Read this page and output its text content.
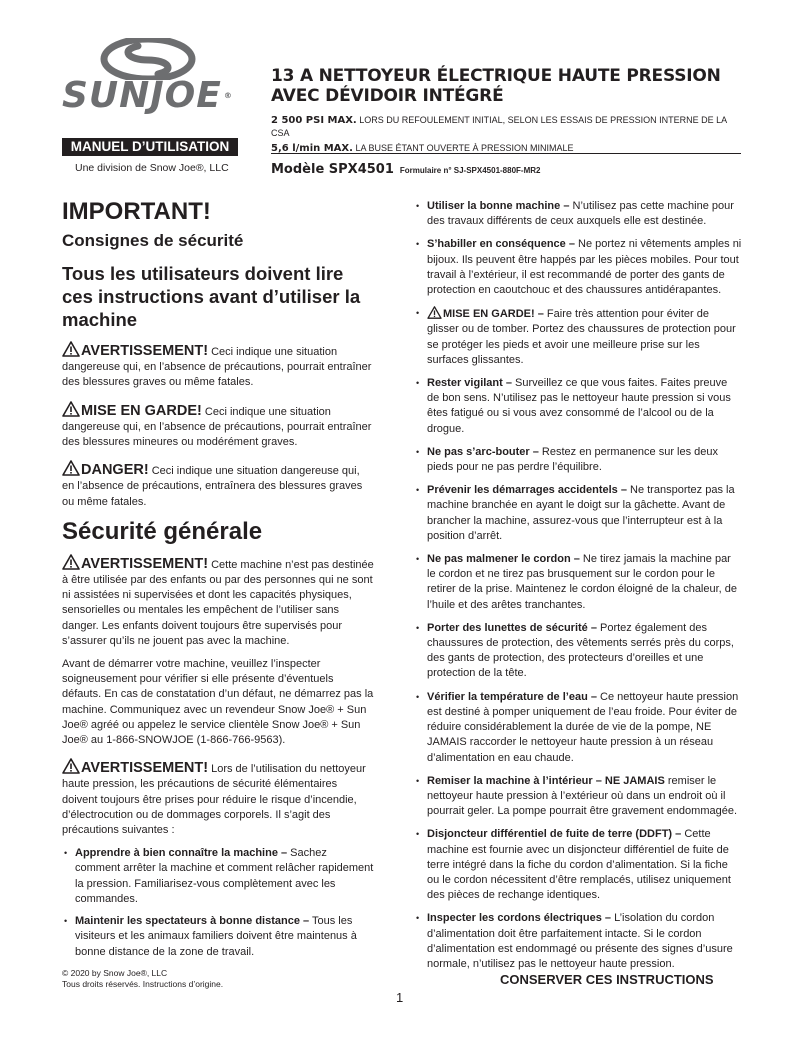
SUNJOE ®
MANUEL D’UTILISATION
Une division de Snow Joe®, LLC
13 A NETTOYEUR ÉLECTRIQUE HAUTE PRESSION
AVEC DÉVIDOIR INTÉGRÉ
2 500 PSI MAX. LORS DU REFOULEMENT INITIAL, SELON LES ESSAIS DE PRESSION INTERNE DE LA CSA
5,6 l/min MAX. LA BUSE ÉTANT OUVERTE À PRESSION MINIMALE
Modèle SPX4501 Formulaire n° SJ-SPX4501-880F-MR2
IMPORTANT!
Consignes de sécurité
Tous les utilisateurs doivent lire ces instructions avant d’utiliser la machine
AVERTISSEMENT! Ceci indique une situation dangereuse qui, en l’absence de précautions, pourrait entraîner des blessures graves ou même fatales.
MISE EN GARDE! Ceci indique une situation dangereuse qui, en l’absence de précautions, pourrait entraîner des blessures mineures ou modérément graves.
DANGER! Ceci indique une situation dangereuse qui, en l’absence de précautions, entraînera des blessures graves ou même fatales.
Sécurité générale
AVERTISSEMENT! Cette machine n’est pas destinée à être utilisée par des enfants ou par des personnes qui ne sont ni assistées ni supervisées et dont les capacités physiques, sensorielles ou mentales les empêchent de l’utiliser sans danger. Les enfants doivent toujours être supervisés pour s’assurer qu’ils ne jouent pas avec la machine.

Avant de démarrer votre machine, veuillez l’inspecter soigneusement pour vérifier si elle présente d’éventuels défauts. En cas de constatation d’un défaut, ne démarrez pas la machine. Communiquez avec un revendeur Snow Joe® + Sun Joe® agréé ou appelez le service clientèle Snow Joe® + Sun Joe® au 1-866-SNOWJOE (1-866-766-9563).

AVERTISSEMENT! Lors de l’utilisation du nettoyeur haute pression, les précautions de sécurité élémentaires doivent toujours être prises pour réduire le risque d’incendie, d’électrocution ou de dommages corporels. Il s’agit des précautions suivantes :
• Apprendre à bien connaître la machine – Sachez comment arrêter la machine et comment relâcher rapidement la pression. Familiarisez-vous complètement avec les commandes.
• Maintenir les spectateurs à bonne distance – Tous les visiteurs et les animaux familiers doivent être maintenus à bonne distance de la zone de travail.
• Utiliser la bonne machine – N’utilisez pas cette machine pour des travaux différents de ceux auxquels elle est destinée.
• S’habiller en conséquence – Ne portez ni vêtements amples ni bijoux. Ils peuvent être happés par les pièces mobiles. Pour tout travail à l’extérieur, il est recommandé de porter des gants de protection en caoutchouc et des chaussures antidérapantes.
• MISE EN GARDE! – Faire très attention pour éviter de glisser ou de tomber. Portez des chaussures de protection pour se protéger les pieds et avoir une meilleure prise sur les surfaces glissantes.
• Rester vigilant – Surveillez ce que vous faites. Faites preuve de bon sens. N’utilisez pas le nettoyeur haute pression si vous êtes fatigué ou si vous avez consommé de l’alcool ou de la drogue.
• Ne pas s’arc-bouter – Restez en permanence sur les deux pieds pour ne pas perdre l’équilibre.
• Prévenir les démarrages accidentels – Ne transportez pas la machine branchée en ayant le doigt sur la gâchette. Avant de brancher la machine, assurez-vous que l’interrupteur est à la position d’arrêt.
• Ne pas malmener le cordon – Ne tirez jamais la machine par le cordon et ne tirez pas brusquement sur le cordon pour le retirer de la prise. Maintenez le cordon éloigné de la chaleur, de l’huile et des arêtes tranchantes.
• Porter des lunettes de sécurité – Portez également des chaussures de protection, des vêtements serrés près du corps, des gants de protection, des protecteurs d’oreilles et une protection de la tête.
• Vérifier la température de l’eau – Ce nettoyeur haute pression est destiné à pomper uniquement de l’eau froide. Pour éviter de réduire considérablement la durée de vie de la pompe, NE JAMAIS raccorder le nettoyeur haute pression à un réseau d’alimentation en eau chaude.
• Remiser la machine à l’intérieur – NE JAMAIS remiser le nettoyeur haute pression à l’extérieur où dans un endroit où il pourrait geler. La pompe pourrait être gravement endommagée.
• Disjoncteur différentiel de fuite de terre (DDFT) – Cette machine est fournie avec un disjoncteur différentiel de fuite de terre intégré dans la fiche du cordon d’alimentation. Si la fiche ou le cordon nécessitent d’être remplacés, utilisez uniquement des pièces de rechange identiques.
• Inspecter les cordons électriques – L’isolation du cordon d’alimentation doit être parfaitement intacte. Si le cordon d’alimentation est endommagé ou présente des signes d’usure normale, n’utilisez pas le nettoyeur haute pression.
© 2020 by Snow Joe®, LLC
Tous droits réservés. Instructions d’origine.	CONSERVER CES INSTRUCTIONS
1
